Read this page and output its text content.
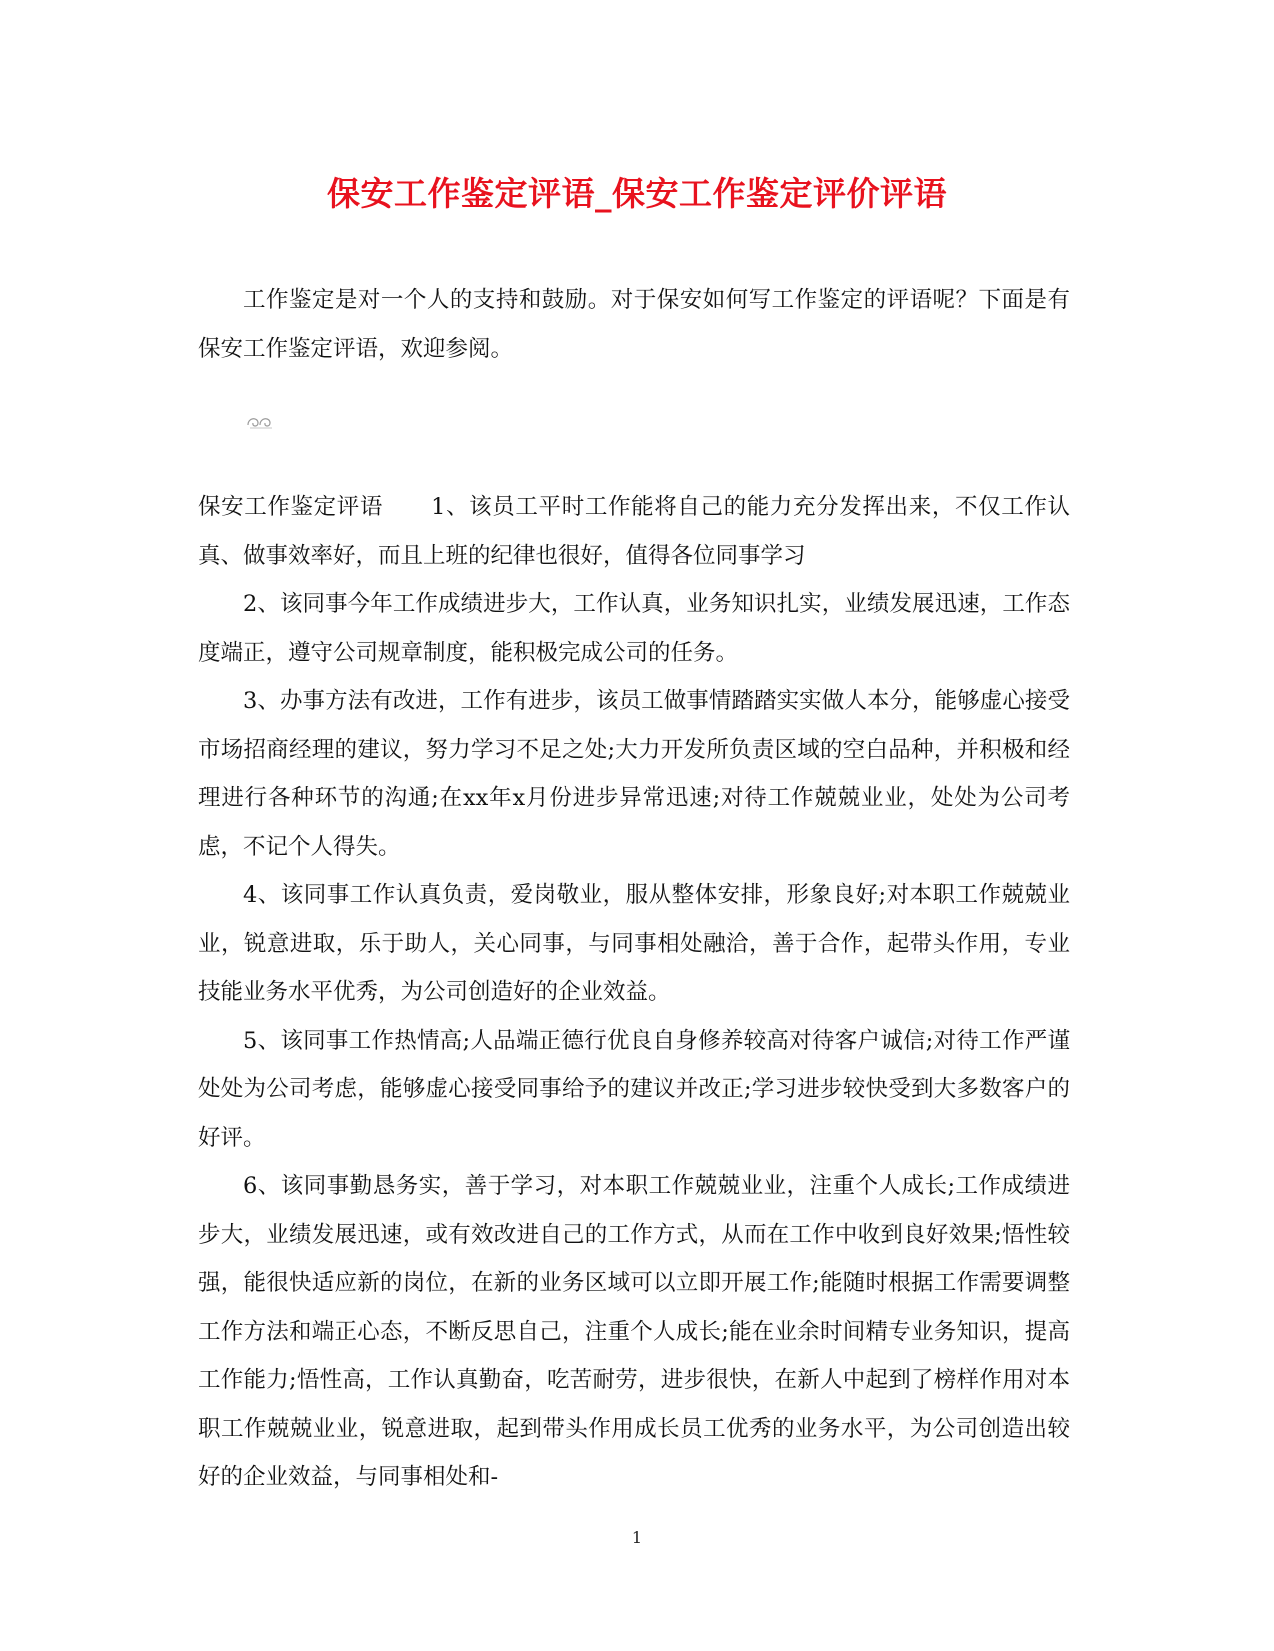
保安工作鉴定评语_保安工作鉴定评价评语

工作鉴定是对一个人的支持和鼓励。对于保安如何写工作鉴定的评语呢？下面是有保安工作鉴定评语，欢迎参阅。

保安工作鉴定评语 1、该员工平时工作能将自己的能力充分发挥出来，不仅工作认真、做事效率好，而且上班的纪律也很好，值得各位同事学习

2、该同事今年工作成绩进步大，工作认真，业务知识扎实，业绩发展迅速，工作态度端正，遵守公司规章制度，能积极完成公司的任务。

3、办事方法有改进，工作有进步，该员工做事情踏踏实实做人本分，能够虚心接受市场招商经理的建议，努力学习不足之处;大力开发所负责区域的空白品种，并积极和经理进行各种环节的沟通;在xx年x月份进步异常迅速;对待工作兢兢业业，处处为公司考虑，不记个人得失。

4、该同事工作认真负责，爱岗敬业，服从整体安排，形象良好;对本职工作兢兢业业，锐意进取，乐于助人，关心同事，与同事相处融洽，善于合作，起带头作用，专业技能业务水平优秀，为公司创造好的企业效益。

5、该同事工作热情高;人品端正德行优良自身修养较高对待客户诚信;对待工作严谨处处为公司考虑，能够虚心接受同事给予的建议并改正;学习进步较快受到大多数客户的好评。

6、该同事勤恳务实，善于学习，对本职工作兢兢业业，注重个人成长;工作成绩进步大，业绩发展迅速，或有效改进自己的工作方式，从而在工作中收到良好效果;悟性较强，能很快适应新的岗位，在新的业务区域可以立即开展工作;能随时根据工作需要调整工作方法和端正心态，不断反思自己，注重个人成长;能在业余时间精专业务知识，提高工作能力;悟性高，工作认真勤奋，吃苦耐劳，进步很快，在新人中起到了榜样作用对本职工作兢兢业业，锐意进取，起到带头作用成长员工优秀的业务水平，为公司创造出较好的企业效益，与同事相处和-

1
